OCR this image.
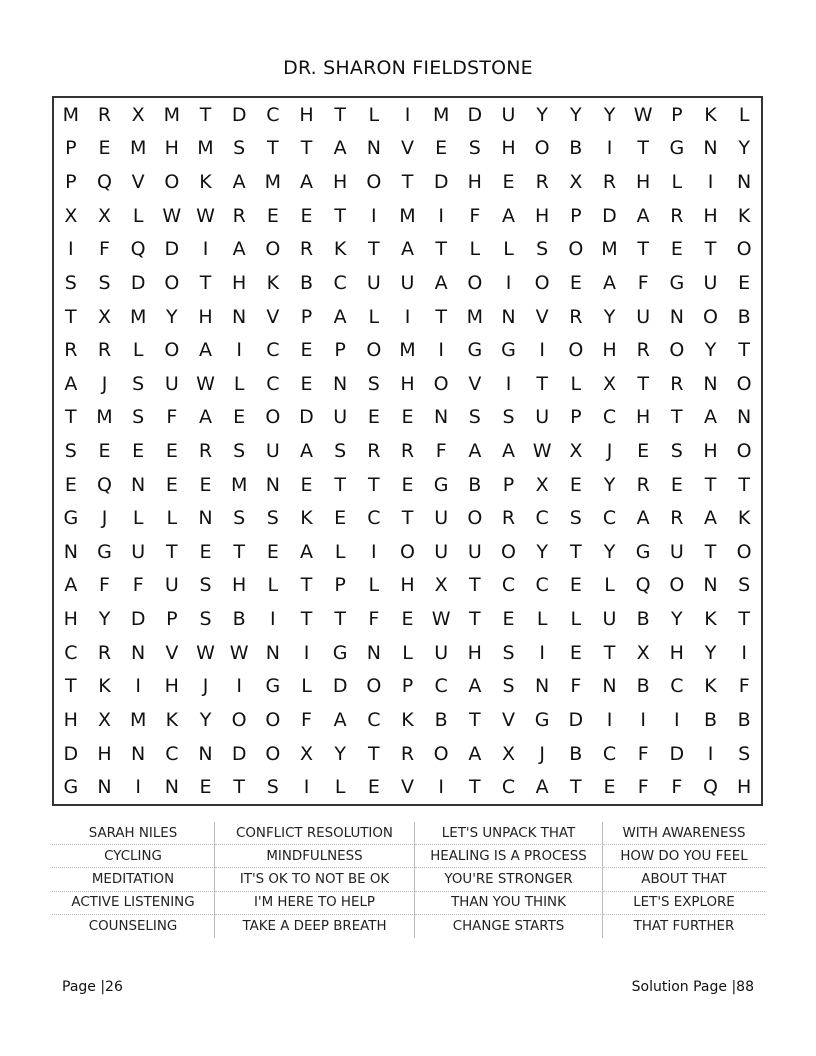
DR. SHARON FIELDSTONE
M R	X M	T	D	C	H	T	L	I	M D	U	Y	Y	Y W P	K	L
P	E	M H M	S	T	T	A	N	V	E	S	H	O	B	I	T	G	N	Y
P	Q	V	O	K	A M A	H	O	T	D	H	E	R	X	R	H	L	I	N
X	X	L W W R	E	E	T	I	M	I	F	A	H	P	D	A	R	H	K
I	F	Q D	I	A	O	R	K	T	A	T	L	L	S	O M	T	E	T	O
S	S	D O	T	H	K	B	C	U	U	A	O	I	O	E	A	F	G	U	E
T	X M	Y	H	N	V	P	A	L	I	T	M N	V	R	Y	U	N	O	B
R	R	L	O	A	I	C	E	P	O M	I	G G	I	O	H	R	O	Y	T
A	J	S	U W L	C	E	N	S	H	O	V	I	T	L	X	T	R	N	O
T	M	S	F	A	E	O D	U	E	E	N	S	S	U	P	C	H	T	A	N
S	E	E	E	R	S	U	A	S	R	R	F	A	A W X	J	E	S	H	O
E	Q	N	E	E	M N	E	T	T	E	G	B	P	X	E	Y	R	E	T	T
G	J	L	L	N	S	S	K	E	C	T	U	O	R	C	S	C	A	R	A	K
N	G	U	T	E	T	E	A	L	I	O	U	U	O	Y	T	Y	G	U	T	O
A	F	F	U	S	H	L	T	P	L	H	X	T	C	C	E	L	Q O	N	S
H	Y	D	P	S	B	I	T	T	F	E W T	E	L	L	U	B	Y	K	T
C	R	N	V W W N	I	G	N	L	U	H	S	I	E	T	X	H	Y	I
T	K	I	H	J	I	G	L	D O	P	C	A	S	N	F	N	B	C	K	F
H	X M	K	Y	O O	F	A	C	K	B	T	V	G D	I	I	I	B	B
D	H	N	C	N	D O	X	Y	T	R	O	A	X	J	B	C	F	D	I	S
G	N	I	N	E	T	S	I	L	E	V	I	T	C	A	T	E	F	F	Q	H
SARAH NILES	CONFLICT RESOLUTION	LET'S UNPACK THAT	WITH AWARENESS
CYCLING	MINDFULNESS	HEALING IS A PROCESS	HOW DO YOU FEEL
MEDITATION	IT'S OK TO NOT BE OK	YOU'RE STRONGER	ABOUT THAT
ACTIVE LISTENING	I'M HERE TO HELP	THAN YOU THINK	LET'S EXPLORE
COUNSELING	TAKE A DEEP BREATH	CHANGE STARTS	THAT FURTHER
Page |26	Solution Page |88
